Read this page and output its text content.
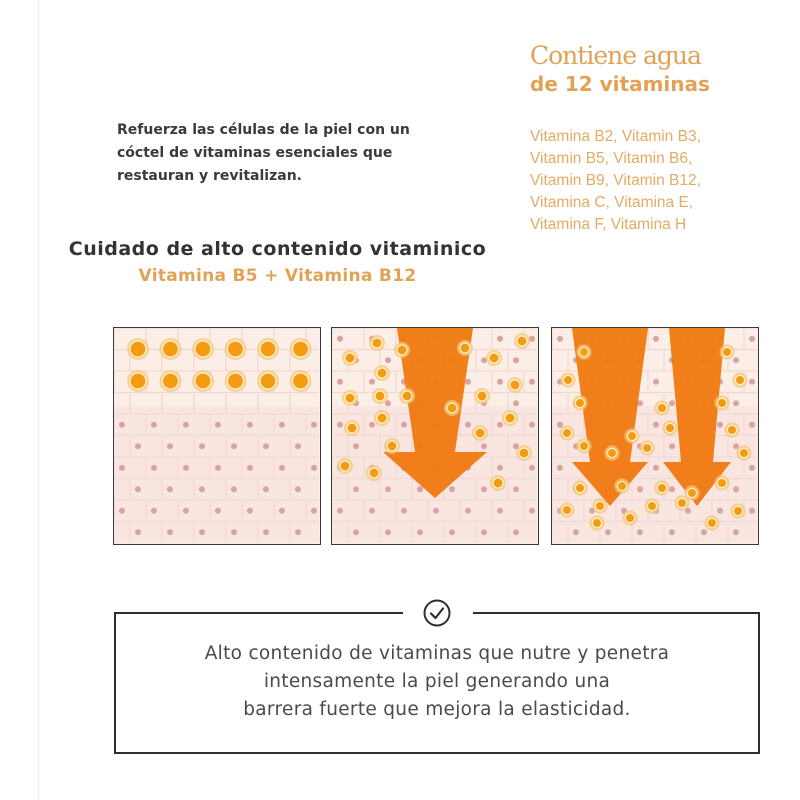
Contiene agua
de 12 vitaminas
Refuerza las células de la piel con un
cóctel de vitaminas esenciales que
restauran y revitalizan.
Vitamina B2, Vitamin B3,
Vitamin B5, Vitamin B6,
Vitamin B9, Vitamin B12,
Vitamina C, Vitamina E,
Vitamina F, Vitamina H
Cuidado de alto contenido vitaminico
Vitamina B5 + Vitamina B12
Alto contenido de vitaminas que nutre y penetra
intensamente la piel generando una
barrera fuerte que mejora la elasticidad.
